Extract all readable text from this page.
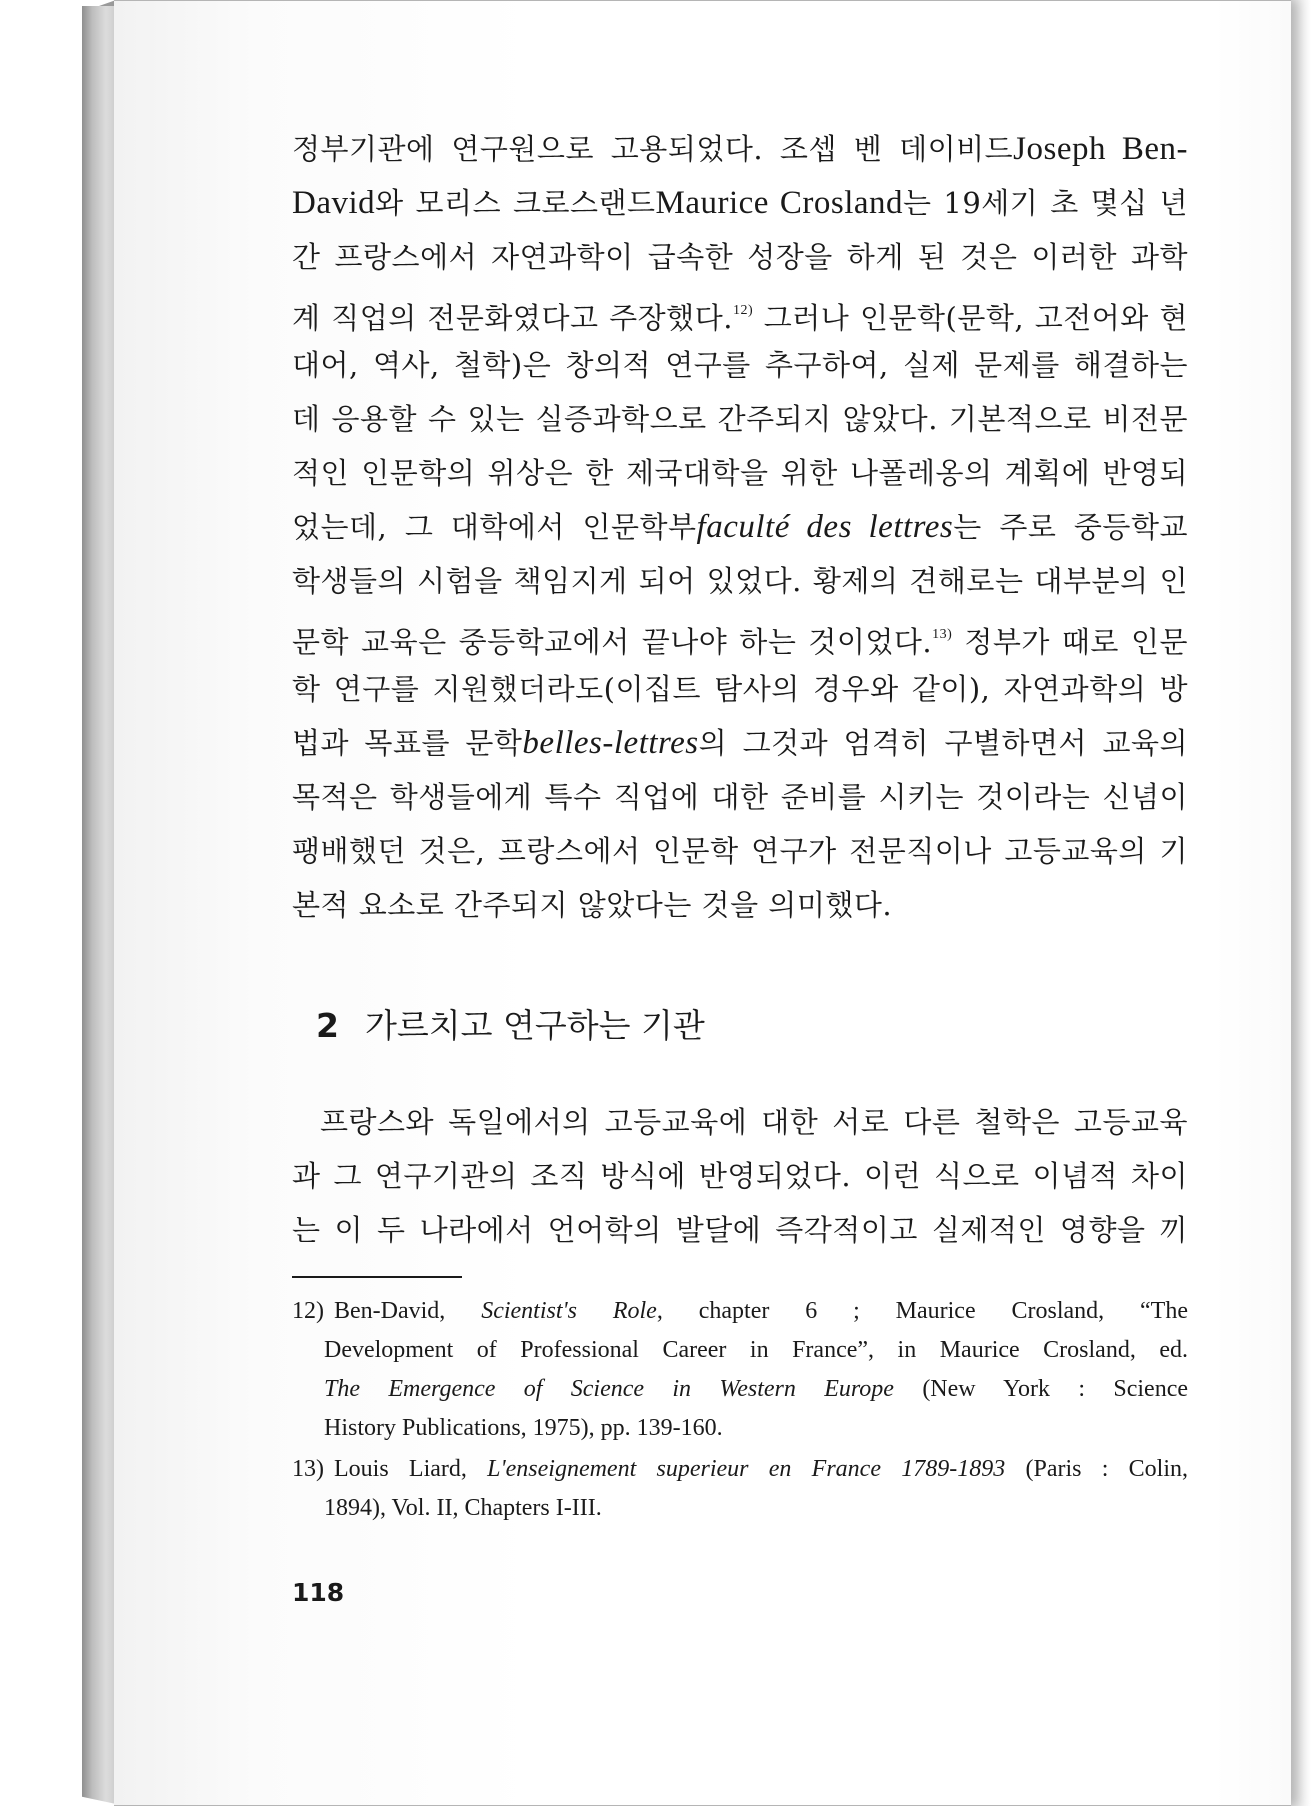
정부기관에 연구원으로 고용되었다. 조셉 벤 데이비드Joseph Ben-
David와 모리스 크로스랜드Maurice Crosland는 19세기 초 몇십 년
간 프랑스에서 자연과학이 급속한 성장을 하게 된 것은 이러한 과학
계 직업의 전문화였다고 주장했다.$^{12)}$ 그러나 인문학(문학, 고전어와 현
대어, 역사, 철학)은 창의적 연구를 추구하여, 실제 문제를 해결하는
데 응용할 수 있는 실증과학으로 간주되지 않았다. 기본적으로 비전문
적인 인문학의 위상은 한 제국대학을 위한 나폴레옹의 계획에 반영되
었는데, 그 대학에서 인문학부faculté des lettres는 주로 중등학교
학생들의 시험을 책임지게 되어 있었다. 황제의 견해로는 대부분의 인
문학 교육은 중등학교에서 끝나야 하는 것이었다.$^{13)}$ 정부가 때로 인문
학 연구를 지원했더라도(이집트 탐사의 경우와 같이), 자연과학의 방
법과 목표를 문학belles-lettres의 그것과 엄격히 구별하면서 교육의
목적은 학생들에게 특수 직업에 대한 준비를 시키는 것이라는 신념이
팽배했던 것은, 프랑스에서 인문학 연구가 전문직이나 고등교육의 기
본적 요소로 간주되지 않았다는 것을 의미했다.
2 가르치고 연구하는 기관
프랑스와 독일에서의 고등교육에 대한 서로 다른 철학은 고등교육
과 그 연구기관의 조직 방식에 반영되었다. 이런 식으로 이념적 차이
는 이 두 나라에서 언어학의 발달에 즉각적이고 실제적인 영향을 끼
12) Ben-David, Scientist's Role, chapter 6 ; Maurice Crosland, “The
Development of Professional Career in France”, in Maurice Crosland, ed.
The Emergence of Science in Western Europe (New York : Science
History Publications, 1975), pp. 139-160.
13) Louis Liard, L'enseignement superieur en France 1789-1893 (Paris : Colin,
1894), Vol. II, Chapters I-III.
118
